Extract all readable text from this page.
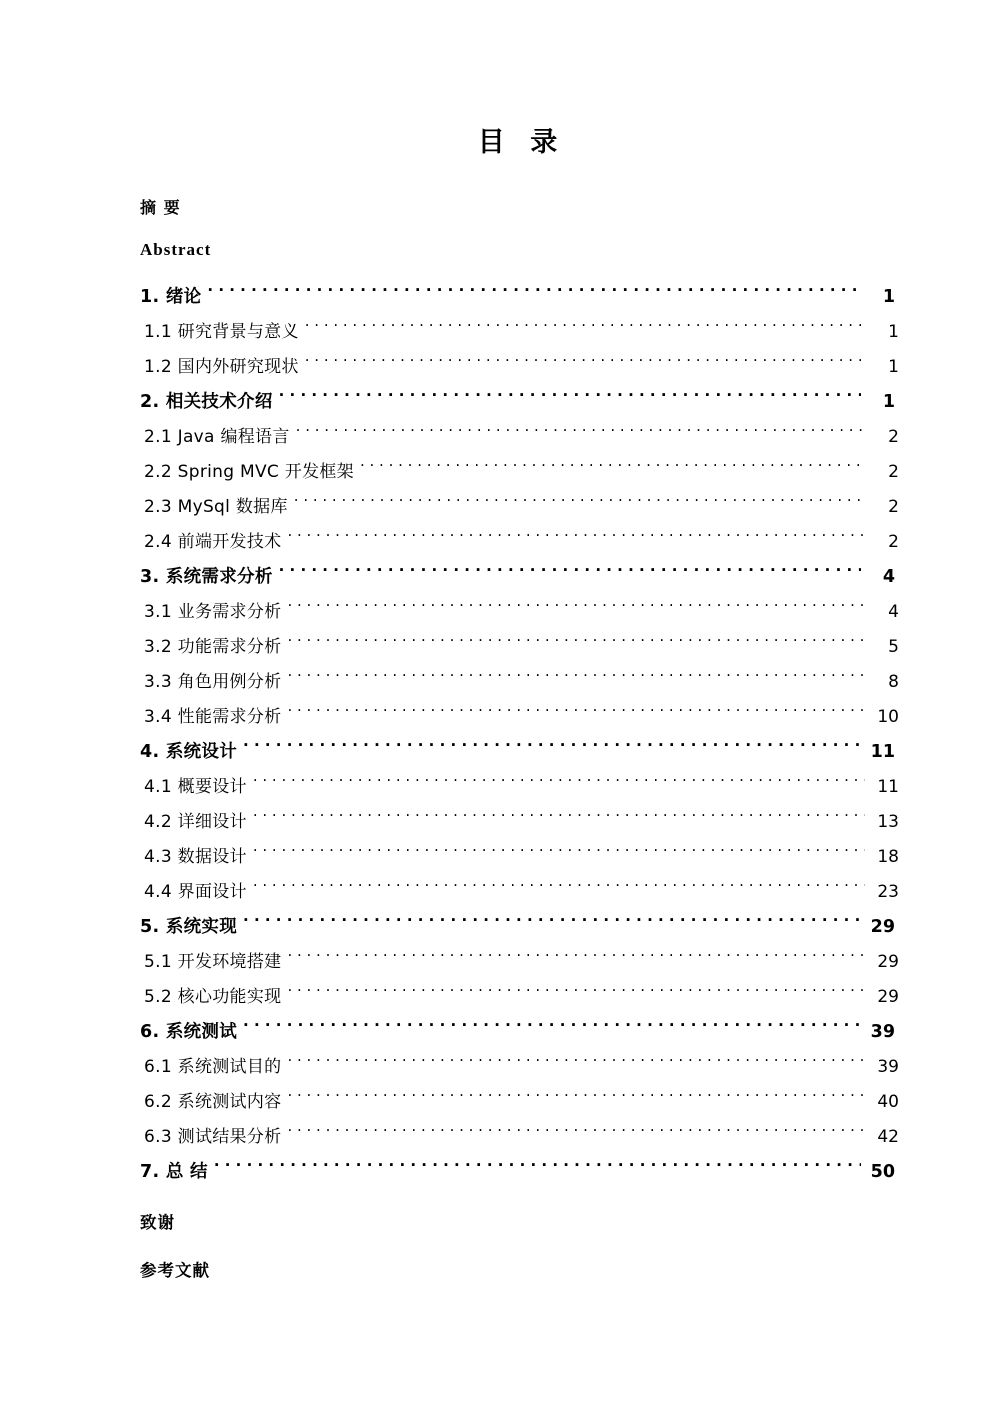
目 录
摘 要
Abstract
1. 绪论 . . .	1
1.1 研究背景与意义 . . .	1
1.2 国内外研究现状 . . .	1
2. 相关技术介绍 . . .	1
2.1 Java 编程语言 . . .	2
2.2 Spring MVC 开发框架 . . .	2
2.3 MySql 数据库 . . .	2
2.4 前端开发技术 . . .	2
3. 系统需求分析 . . .	4
3.1 业务需求分析 . . .	4
3.2 功能需求分析 . . .	5
3.3 角色用例分析 . . .	8
3.4 性能需求分析 . . .	10
4. 系统设计 . . .	11
4.1 概要设计 . . .	11
4.2 详细设计 . . .	13
4.3 数据设计 . . .	18
4.4 界面设计 . . .	23
5. 系统实现 . . .	29
5.1 开发环境搭建 . . .	29
5.2 核心功能实现 . . .	29
6. 系统测试 . . .	39
6.1 系统测试目的 . . .	39
6.2 系统测试内容 . . .	40
6.3 测试结果分析 . . .	42
7. 总 结 . . .	50
致谢
参考文献
